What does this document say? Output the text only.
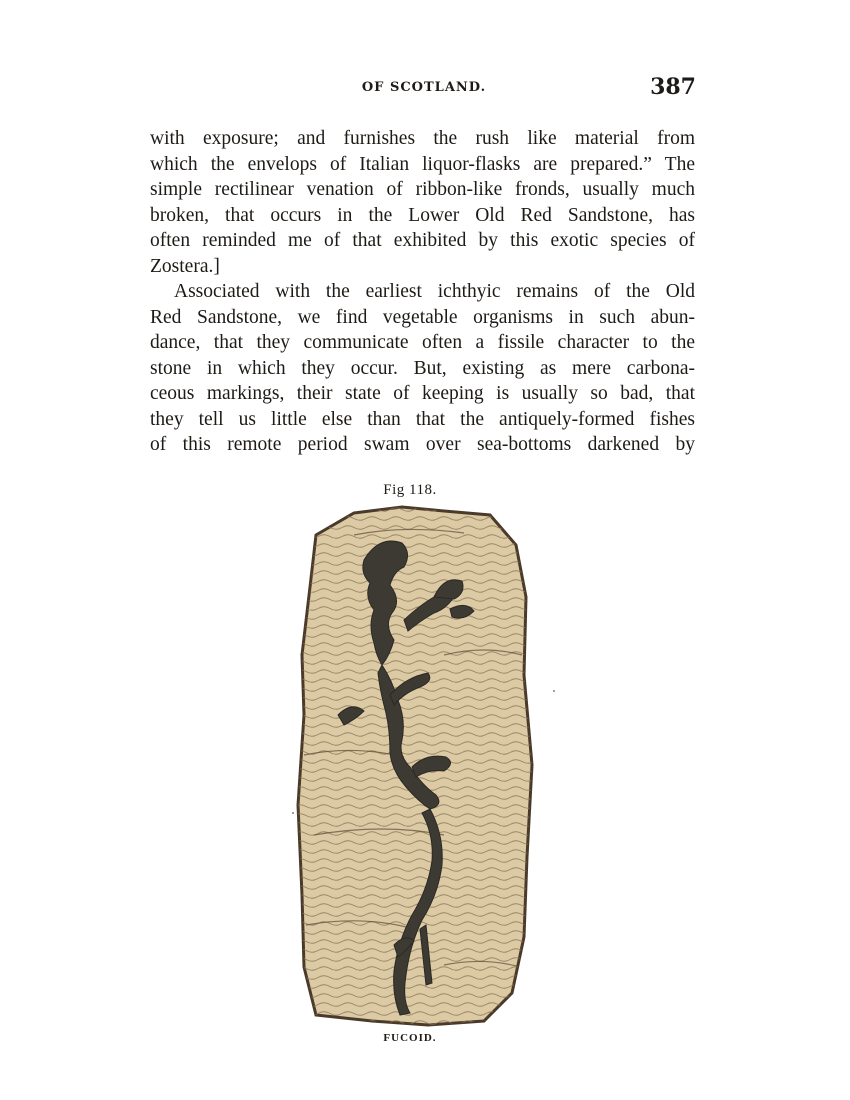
OF SCOTLAND.	387
with exposure; and furnishes the rush like material from
which the envelops of Italian liquor-flasks are prepared.” The
simple rectilinear venation of ribbon-like fronds, usually much
broken, that occurs in the Lower Old Red Sandstone, has
often reminded me of that exhibited by this exotic species of
Zostera.]
Associated with the earliest ichthyic remains of the Old
Red Sandstone, we find vegetable organisms in such abun-
dance, that they communicate often a fissile character to the
stone in which they occur. But, existing as mere carbona-
ceous markings, their state of keeping is usually so bad, that
they tell us little else than that the antiquely-formed fishes
of this remote period swam over sea-bottoms darkened by
Fig 118.
FUCOID.
